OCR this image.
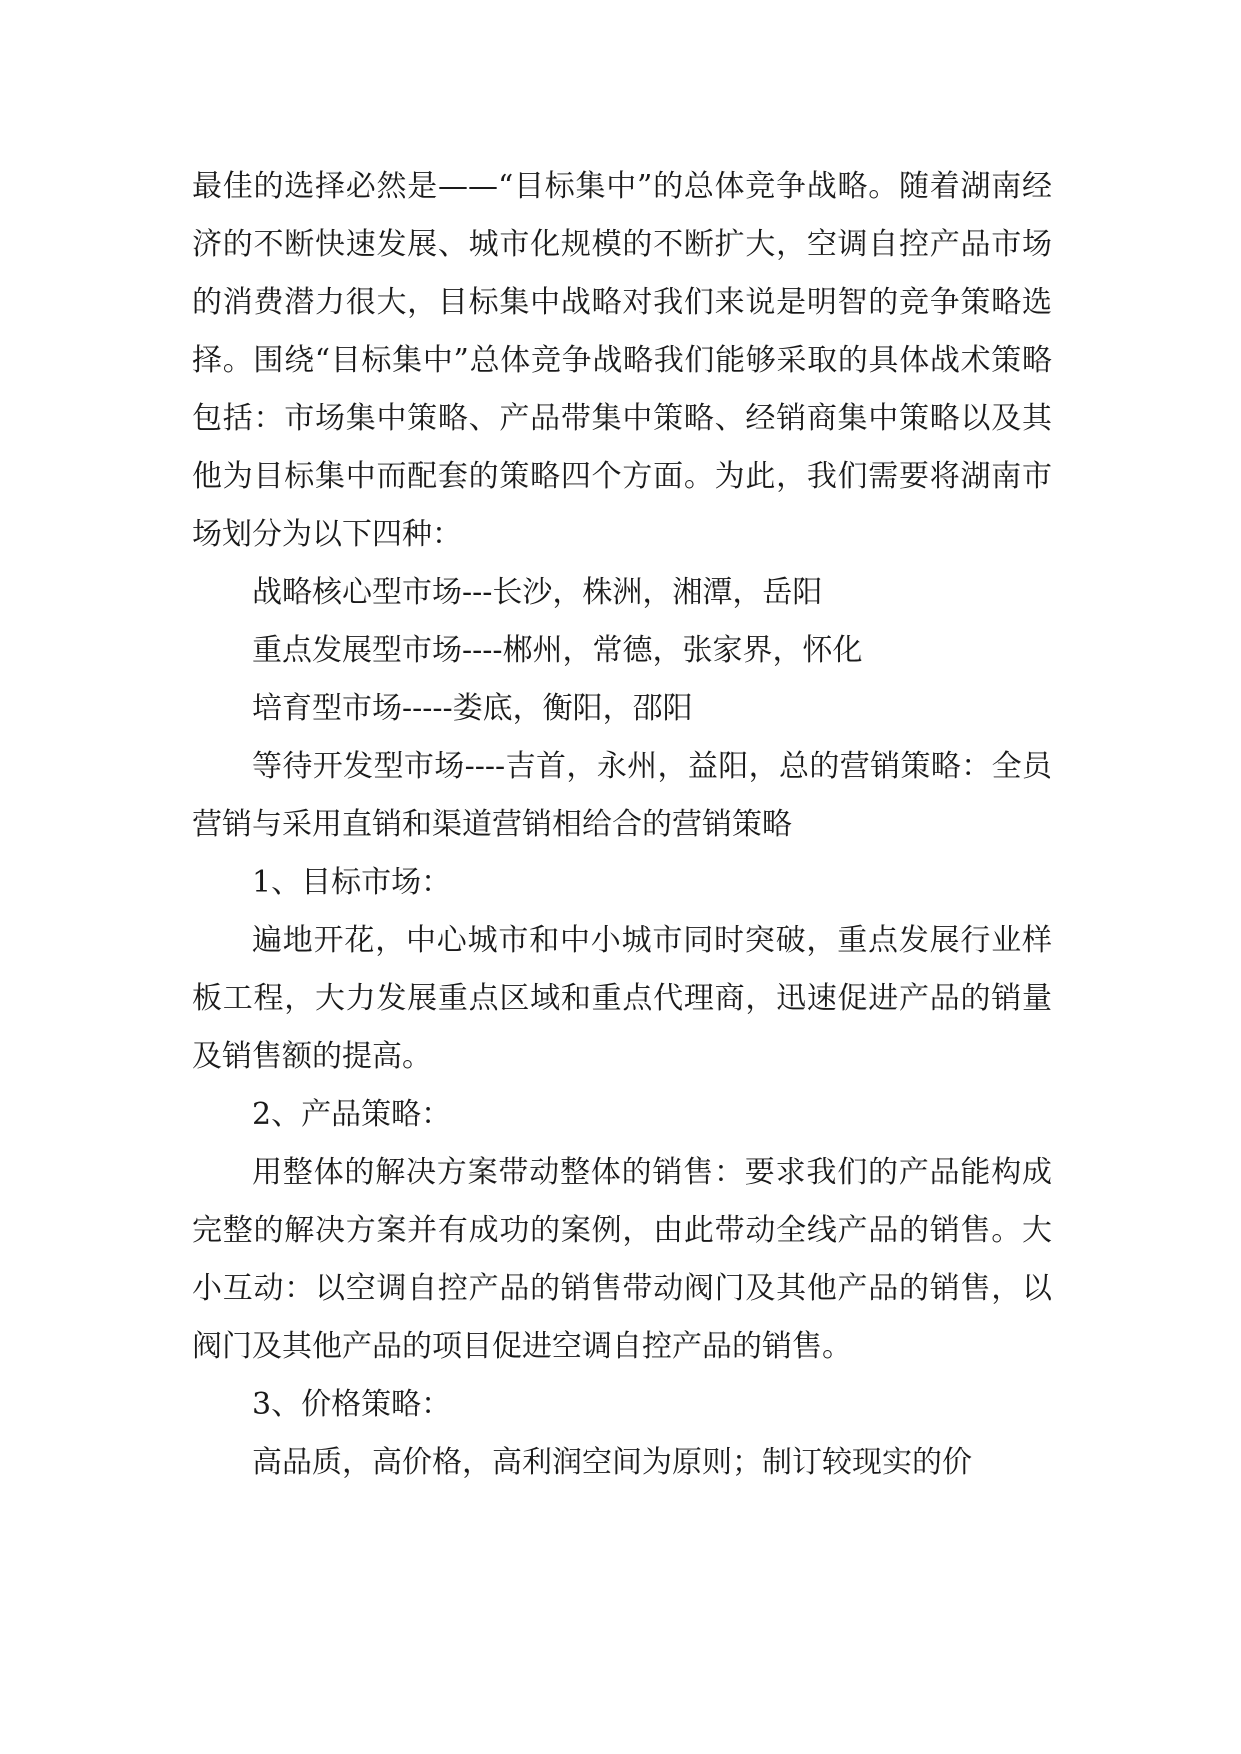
最佳的选择必然是——“目标集中”的总体竞争战略。随着湖南经济的不断快速发展、城市化规模的不断扩大，空调自控产品市场的消费潜力很大，目标集中战略对我们来说是明智的竞争策略选择。围绕“目标集中”总体竞争战略我们能够采取的具体战术策略包括：市场集中策略、产品带集中策略、经销商集中策略以及其他为目标集中而配套的策略四个方面。为此，我们需要将湖南市场划分为以下四种：

战略核心型市场---长沙，株洲，湘潭，岳阳

重点发展型市场----郴州，常德，张家界，怀化

培育型市场-----娄底，衡阳，邵阳

等待开发型市场----吉首，永州，益阳，总的营销策略：全员营销与采用直销和渠道营销相给合的营销策略

1、目标市场：

遍地开花，中心城市和中小城市同时突破，重点发展行业样板工程，大力发展重点区域和重点代理商，迅速促进产品的销量及销售额的提高。

2、产品策略：

用整体的解决方案带动整体的销售：要求我们的产品能构成完整的解决方案并有成功的案例，由此带动全线产品的销售。大小互动：以空调自控产品的销售带动阀门及其他产品的销售，以阀门及其他产品的项目促进空调自控产品的销售。

3、价格策略：

高品质，高价格，高利润空间为原则；制订较现实的价
